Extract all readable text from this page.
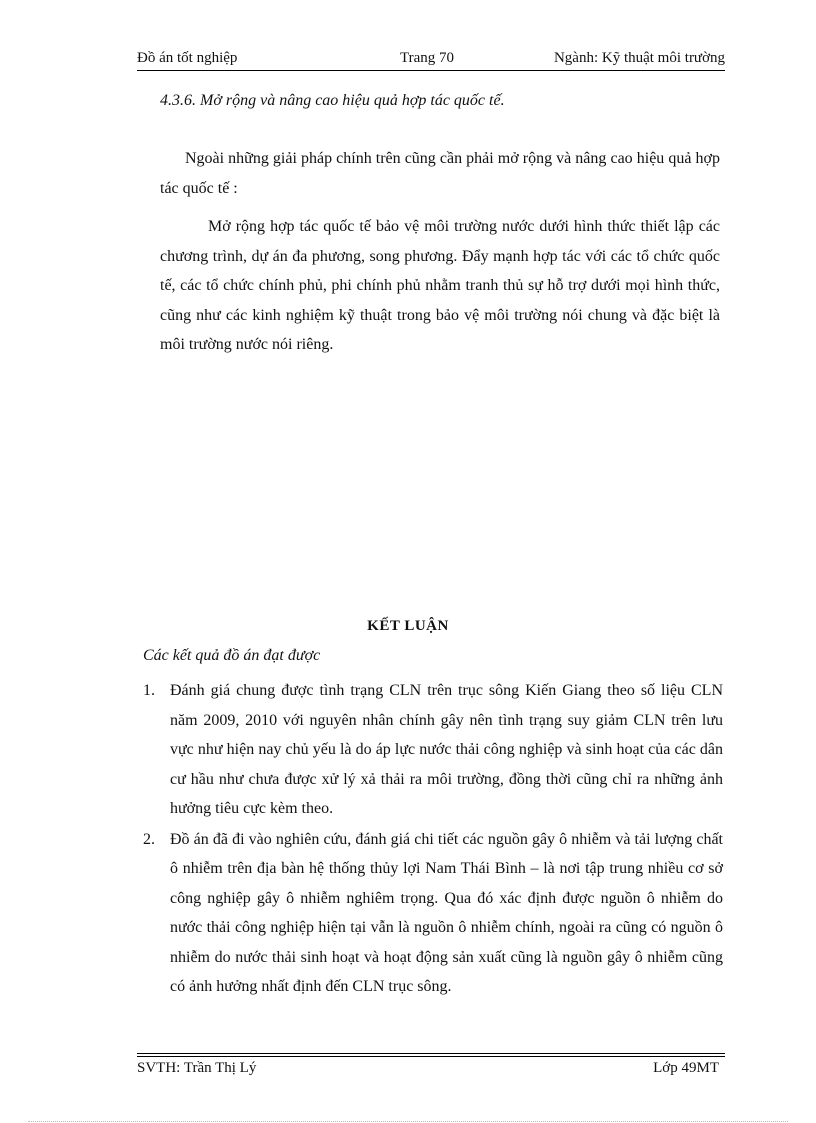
Đồ án tốt nghiệp	Trang 70	Ngành: Kỹ thuật môi trường
4.3.6. Mở rộng và nâng cao hiệu quả hợp tác quốc tế.

Ngoài những giải pháp chính trên cũng cần phải mở rộng và nâng cao hiệu quả hợp tác quốc tế :

Mở rộng hợp tác quốc tế bảo vệ môi trường nước dưới hình thức thiết lập các chương trình, dự án đa phương, song phương. Đẩy mạnh hợp tác với các tổ chức quốc tế, các tổ chức chính phủ, phi chính phủ nhằm tranh thủ sự hỗ trợ dưới mọi hình thức, cũng như các kinh nghiệm kỹ thuật trong bảo vệ môi trường nói chung và đặc biệt là môi trường nước nói riêng.

KẾT LUẬN
Các kết quả đồ án đạt được
1. Đánh giá chung được tình trạng CLN trên trục sông Kiến Giang theo số liệu CLN năm 2009, 2010 với nguyên nhân chính gây nên tình trạng suy giảm CLN trên lưu vực như hiện nay chủ yếu là do áp lực nước thải công nghiệp và sinh hoạt của các dân cư hầu như chưa được xử lý xả thải ra môi trường, đồng thời cũng chỉ ra những ảnh hưởng tiêu cực kèm theo.
2. Đồ án đã đi vào nghiên cứu, đánh giá chi tiết các nguồn gây ô nhiễm và tải lượng chất ô nhiễm trên địa bàn hệ thống thủy lợi Nam Thái Bình – là nơi tập trung nhiều cơ sở công nghiệp gây ô nhiễm nghiêm trọng. Qua đó xác định được nguồn ô nhiễm do nước thải công nghiệp hiện tại vẫn là nguồn ô nhiễm chính, ngoài ra cũng có nguồn ô nhiễm do nước thải sinh hoạt và hoạt động sản xuất cũng là nguồn gây ô nhiễm cũng có ảnh hưởng nhất định đến CLN trục sông.
SVTH: Trần Thị Lý	Lớp 49MT
